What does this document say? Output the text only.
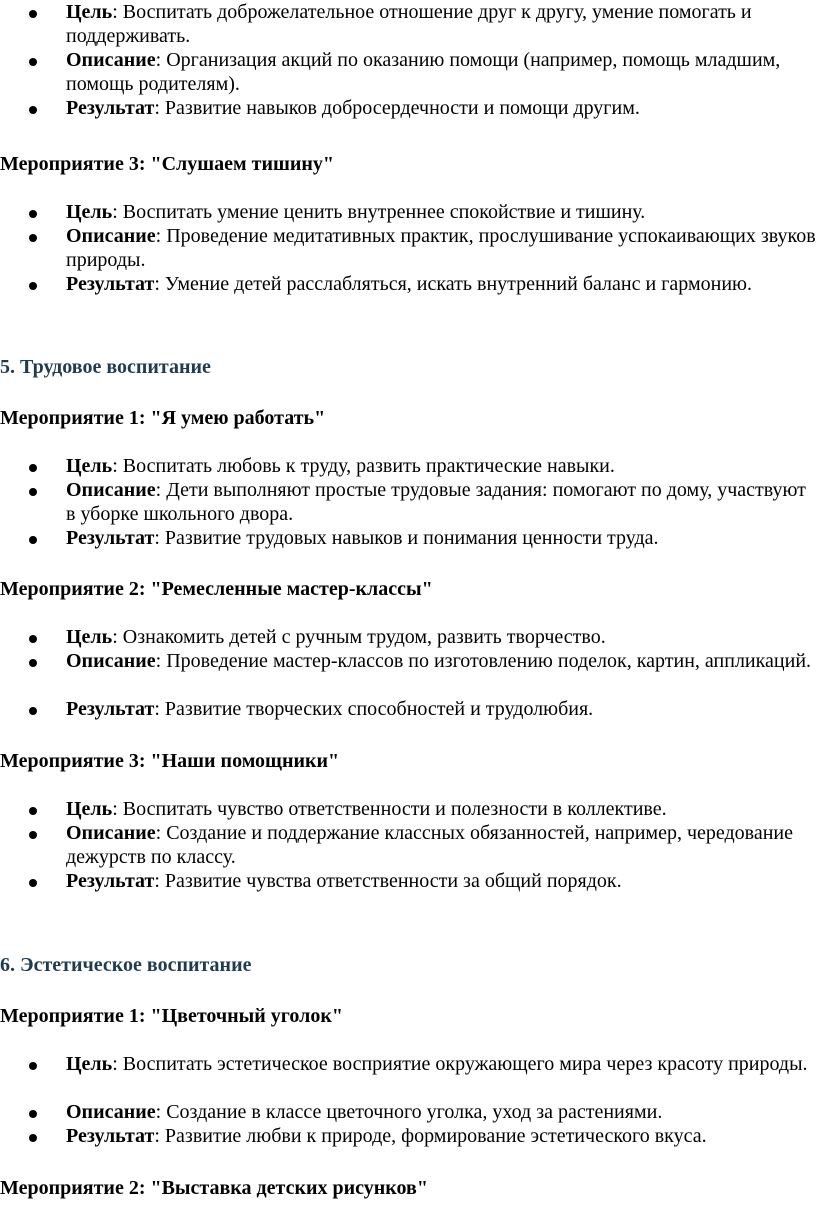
Цель: Воспитать доброжелательное отношение друг к другу, умение помогать и поддерживать.
Описание: Организация акций по оказанию помощи (например, помощь младшим, помощь родителям).
Результат: Развитие навыков добросердечности и помощи другим.
Мероприятие 3: "Слушаем тишину"
Цель: Воспитать умение ценить внутреннее спокойствие и тишину.
Описание: Проведение медитативных практик, прослушивание успокаивающих звуков природы.
Результат: Умение детей расслабляться, искать внутренний баланс и гармонию.
5. Трудовое воспитание
Мероприятие 1: "Я умею работать"
Цель: Воспитать любовь к труду, развить практические навыки.
Описание: Дети выполняют простые трудовые задания: помогают по дому, участвуют в уборке школьного двора.
Результат: Развитие трудовых навыков и понимания ценности труда.
Мероприятие 2: "Ремесленные мастер-классы"
Цель: Ознакомить детей с ручным трудом, развить творчество.
Описание: Проведение мастер-классов по изготовлению поделок, картин, аппликаций.
Результат: Развитие творческих способностей и трудолюбия.
Мероприятие 3: "Наши помощники"
Цель: Воспитать чувство ответственности и полезности в коллективе.
Описание: Создание и поддержание классных обязанностей, например, чередование дежурств по классу.
Результат: Развитие чувства ответственности за общий порядок.
6. Эстетическое воспитание
Мероприятие 1: "Цветочный уголок"
Цель: Воспитать эстетическое восприятие окружающего мира через красоту природы.
Описание: Создание в классе цветочного уголка, уход за растениями.
Результат: Развитие любви к природе, формирование эстетического вкуса.
Мероприятие 2: "Выставка детских рисунков"
